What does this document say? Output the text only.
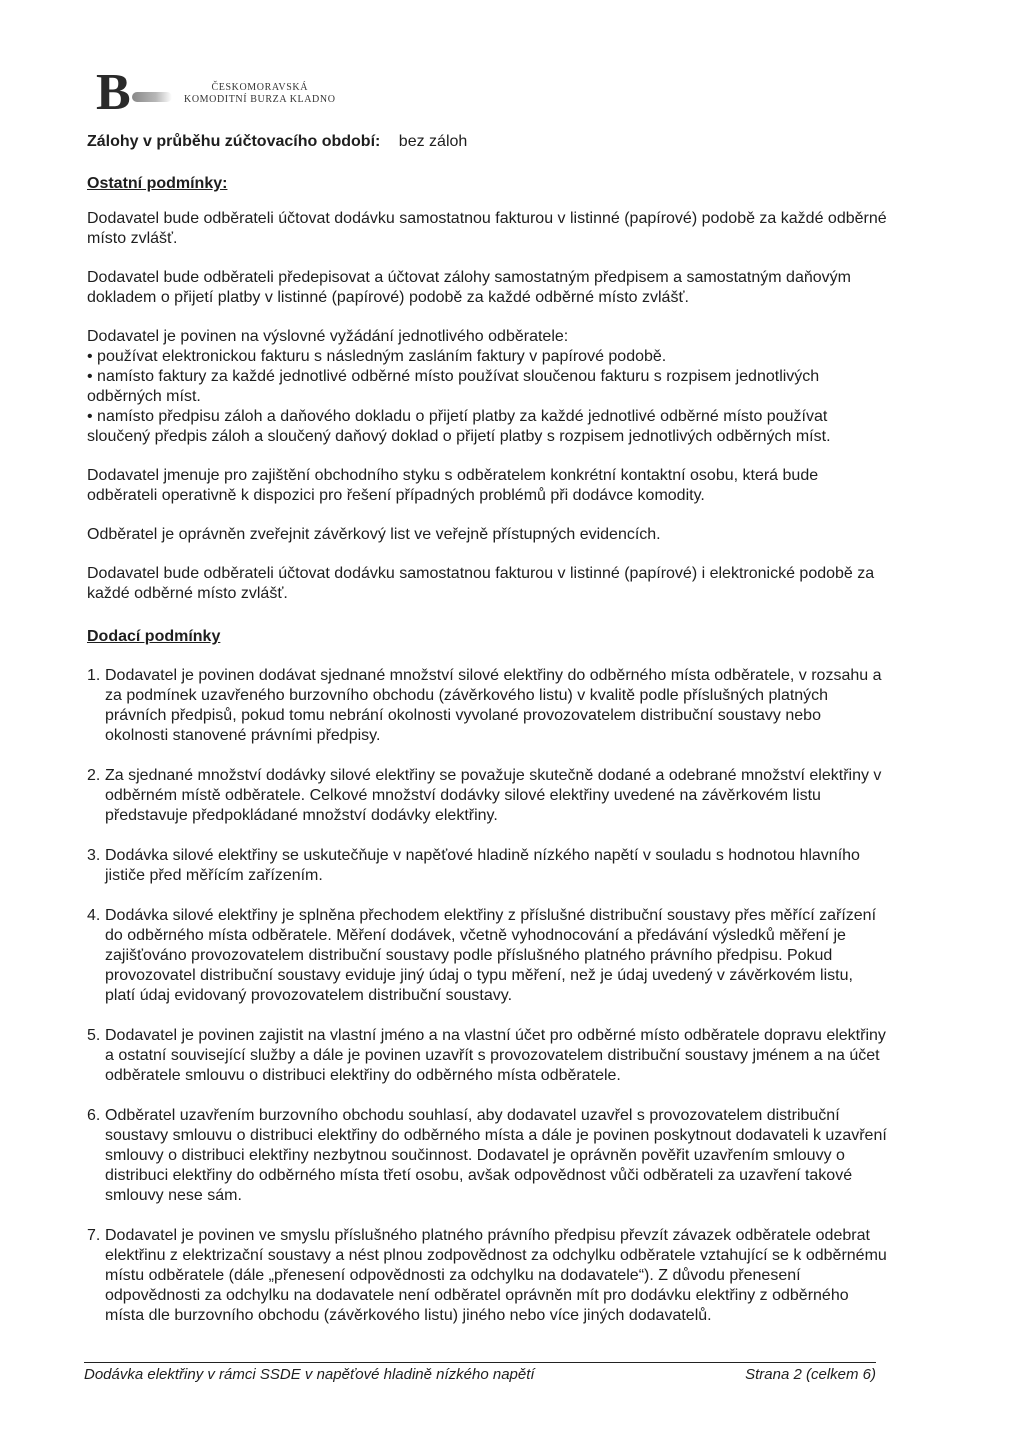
B	ČESKOMORAVSKÁ
KOMODITNÍ BURZA KLADNO

Zálohy v průběhu zúčtovacího období: bez záloh

Ostatní podmínky:

Dodavatel bude odběrateli účtovat dodávku samostatnou fakturou v listinné (papírové) podobě za každé odběrné místo zvlášť.

Dodavatel bude odběrateli předepisovat a účtovat zálohy samostatným předpisem a samostatným daňovým dokladem o přijetí platby v listinné (papírové) podobě za každé odběrné místo zvlášť.

Dodavatel je povinen na výslovné vyžádání jednotlivého odběratele:

• používat elektronickou fakturu s následným zasláním faktury v papírové podobě.
• namísto faktury za každé jednotlivé odběrné místo používat sloučenou fakturu s rozpisem jednotlivých odběrných míst.
• namísto předpisu záloh a daňového dokladu o přijetí platby za každé jednotlivé odběrné místo používat sloučený předpis záloh a sloučený daňový doklad o přijetí platby s rozpisem jednotlivých odběrných míst.

Dodavatel jmenuje pro zajištění obchodního styku s odběratelem konkrétní kontaktní osobu, která bude odběrateli operativně k dispozici pro řešení případných problémů při dodávce komodity.

Odběratel je oprávněn zveřejnit závěrkový list ve veřejně přístupných evidencích.

Dodavatel bude odběrateli účtovat dodávku samostatnou fakturou v listinné (papírové) i elektronické podobě za každé odběrné místo zvlášť.

Dodací podmínky

1. Dodavatel je povinen dodávat sjednané množství silové elektřiny do odběrného místa odběratele, v rozsahu a za podmínek uzavřeného burzovního obchodu (závěrkového listu) v kvalitě podle příslušných platných právních předpisů, pokud tomu nebrání okolnosti vyvolané provozovatelem distribuční soustavy nebo okolnosti stanovené právními předpisy.
2. Za sjednané množství dodávky silové elektřiny se považuje skutečně dodané a odebrané množství elektřiny v odběrném místě odběratele. Celkové množství dodávky silové elektřiny uvedené na závěrkovém listu představuje předpokládané množství dodávky elektřiny.
3. Dodávka silové elektřiny se uskutečňuje v napěťové hladině nízkého napětí v souladu s hodnotou hlavního jističe před měřícím zařízením.
4. Dodávka silové elektřiny je splněna přechodem elektřiny z příslušné distribuční soustavy přes měřící zařízení do odběrného místa odběratele. Měření dodávek, včetně vyhodnocování a předávání výsledků měření je zajišťováno provozovatelem distribuční soustavy podle příslušného platného právního předpisu. Pokud provozovatel distribuční soustavy eviduje jiný údaj o typu měření, než je údaj uvedený v závěrkovém listu, platí údaj evidovaný provozovatelem distribuční soustavy.
5. Dodavatel je povinen zajistit na vlastní jméno a na vlastní účet pro odběrné místo odběratele dopravu elektřiny a ostatní související služby a dále je povinen uzavřít s provozovatelem distribuční soustavy jménem a na účet odběratele smlouvu o distribuci elektřiny do odběrného místa odběratele.
6. Odběratel uzavřením burzovního obchodu souhlasí, aby dodavatel uzavřel s provozovatelem distribuční soustavy smlouvu o distribuci elektřiny do odběrného místa a dále je povinen poskytnout dodavateli k uzavření smlouvy o distribuci elektřiny nezbytnou součinnost. Dodavatel je oprávněn pověřit uzavřením smlouvy o distribuci elektřiny do odběrného místa třetí osobu, avšak odpovědnost vůči odběrateli za uzavření takové smlouvy nese sám.
7. Dodavatel je povinen ve smyslu příslušného platného právního předpisu převzít závazek odběratele odebrat elektřinu z elektrizační soustavy a nést plnou zodpovědnost za odchylku odběratele vztahující se k odběrnému místu odběratele (dále „přenesení odpovědnosti za odchylku na dodavatele“). Z důvodu přenesení odpovědnosti za odchylku na dodavatele není odběratel oprávněn mít pro dodávku elektřiny z odběrného místa dle burzovního obchodu (závěrkového listu) jiného nebo více jiných dodavatelů.
Dodávka elektřiny v rámci SSDE v napěťové hladině nízkého napětí	Strana 2 (celkem 6)
